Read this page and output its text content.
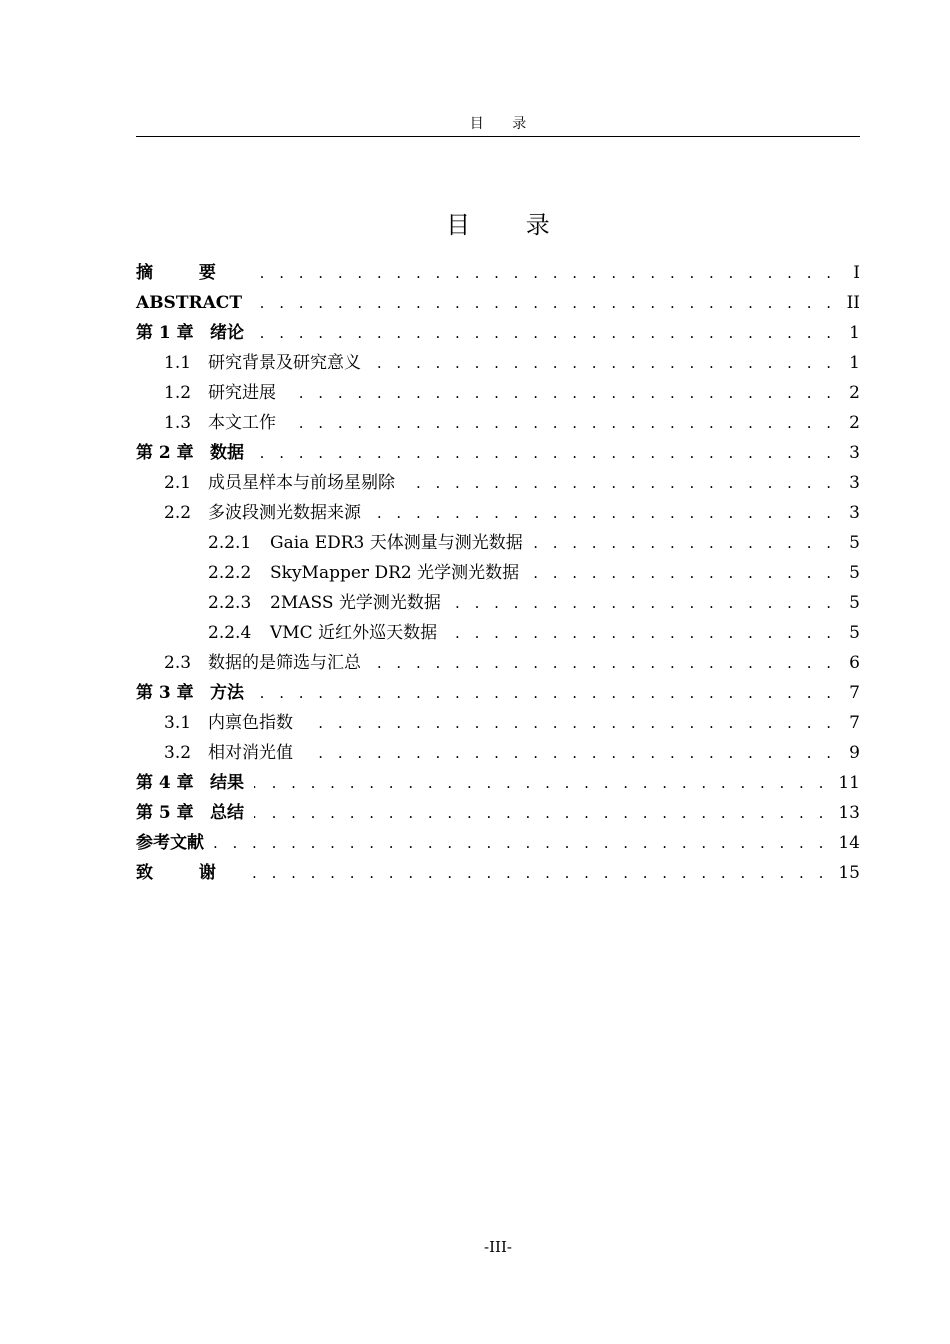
目 录
目 录
摘 要 . . .	I
ABSTRACT . . .	II
第 1 章 绪论 . . .	1
1.1 研究背景及研究意义 . . .	1
1.2 研究进展 . . .	2
1.3 本文工作 . . .	2
第 2 章 数据 . . .	3
2.1 成员星样本与前场星剔除 . . .	3
2.2 多波段测光数据来源 . . .	3
2.2.1	Gaia EDR3 天体测量与测光数据 . . .	5
2.2.2	SkyMapper DR2 光学测光数据 . . .	5
2.2.3	2MASS 光学测光数据 . . .	5
2.2.4	VMC 近红外巡天数据 . . .	5
2.3 数据的是筛选与汇总 . . .	6
第 3 章 方法 . . .	7
3.1 内禀色指数 . . .	7
3.2 相对消光值 . . .	9
第 4 章 结果 . . .	11
第 5 章 总结 . . .	13
参考文献 . . .	14
致 谢 . . .	15
-III-
